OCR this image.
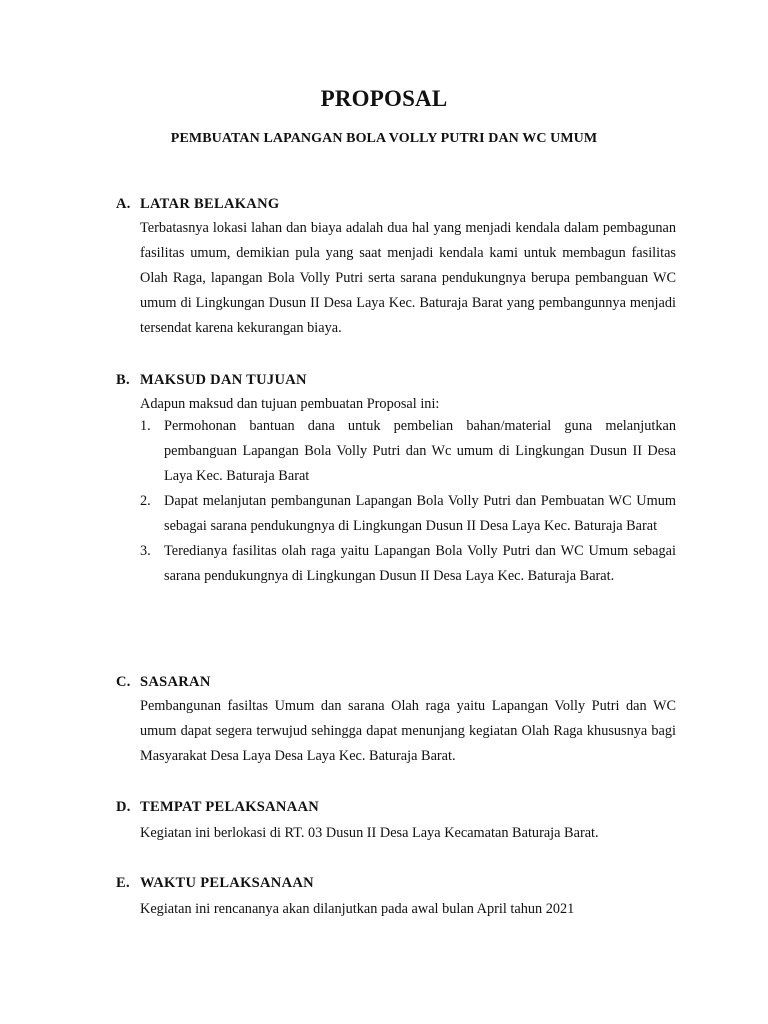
PROPOSAL
PEMBUATAN LAPANGAN BOLA VOLLY PUTRI DAN WC UMUM
A. LATAR BELAKANG
Terbatasnya lokasi lahan dan biaya adalah dua hal yang menjadi kendala dalam pembagunan fasilitas umum, demikian pula yang saat menjadi kendala kami untuk membagun fasilitas Olah Raga, lapangan Bola Volly Putri serta sarana pendukungnya berupa pembanguan WC umum di Lingkungan Dusun II Desa Laya Kec. Baturaja Barat yang pembangunnya menjadi tersendat karena kekurangan biaya.
B. MAKSUD DAN TUJUAN
Adapun maksud dan tujuan pembuatan Proposal ini:
1. Permohonan bantuan dana untuk pembelian bahan/material guna melanjutkan pembanguan Lapangan Bola Volly Putri dan Wc umum di Lingkungan Dusun II Desa Laya Kec. Baturaja Barat
2. Dapat melanjutan pembangunan Lapangan Bola Volly Putri dan Pembuatan WC Umum sebagai sarana pendukungnya di Lingkungan Dusun II Desa Laya Kec. Baturaja Barat
3. Teredianya fasilitas olah raga yaitu Lapangan Bola Volly Putri dan WC Umum sebagai sarana pendukungnya di Lingkungan Dusun II Desa Laya Kec. Baturaja Barat.
C. SASARAN
Pembangunan fasiltas Umum dan sarana Olah raga yaitu Lapangan Volly Putri dan WC umum dapat segera terwujud sehingga dapat menunjang kegiatan Olah Raga khususnya bagi Masyarakat Desa Laya Desa Laya Kec. Baturaja Barat.
D. TEMPAT PELAKSANAAN
Kegiatan ini berlokasi di RT. 03 Dusun II Desa Laya Kecamatan Baturaja Barat.
E. WAKTU PELAKSANAAN
Kegiatan ini rencananya akan dilanjutkan pada awal bulan April tahun 2021
